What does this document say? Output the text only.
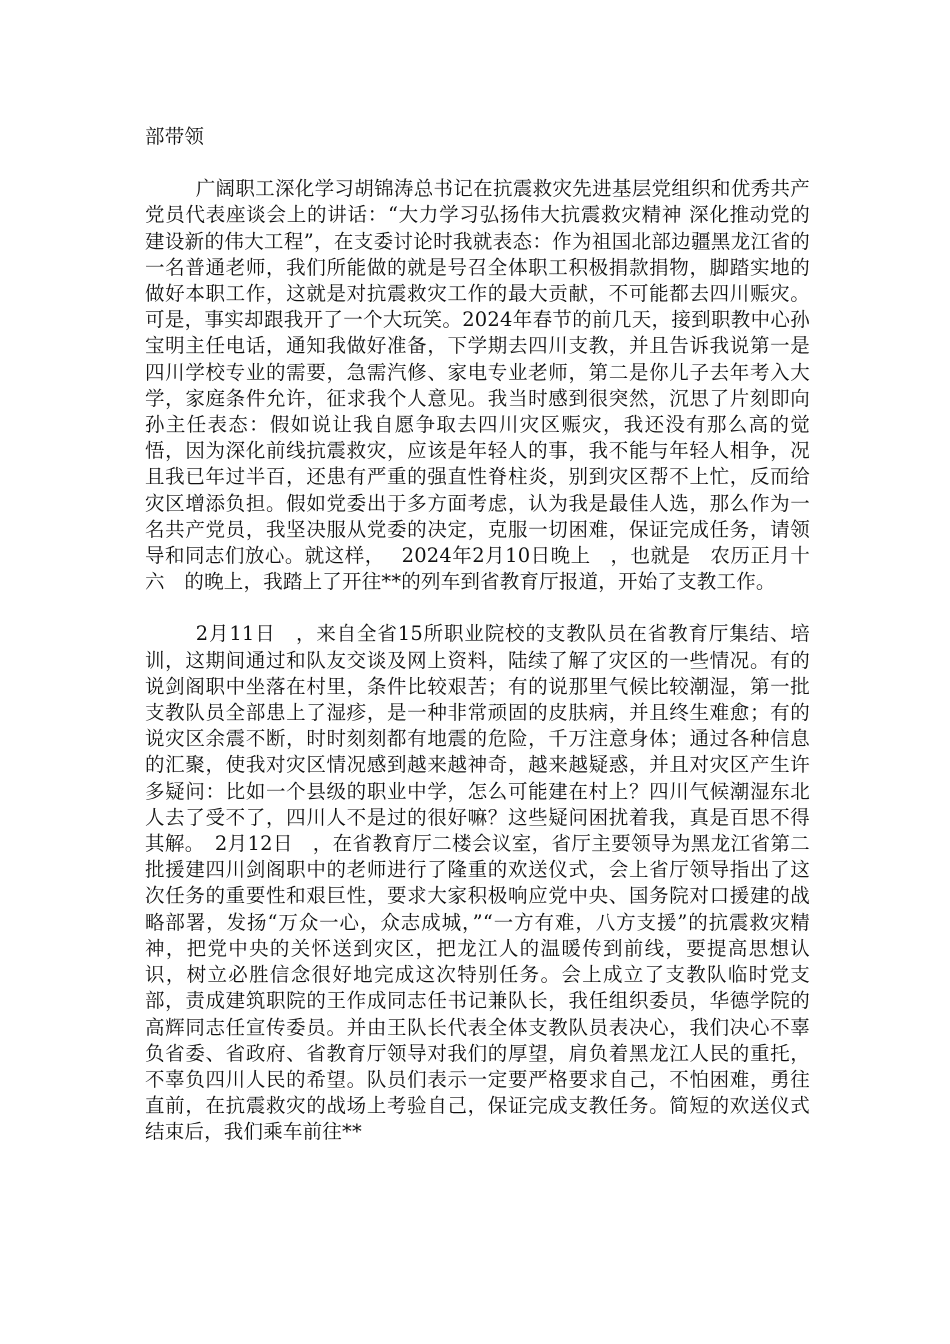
部带领

广阔职工深化学习胡锦涛总书记在抗震救灾先进基层党组织和优秀共产党员代表座谈会上的讲话：“大力学习弘扬伟大抗震救灾精神 深化推动党的建设新的伟大工程”，在支委讨论时我就表态：作为祖国北部边疆黑龙江省的一名普通老师，我们所能做的就是号召全体职工积极捐款捐物，脚踏实地的做好本职工作，这就是对抗震救灾工作的最大贡献，不可能都去四川赈灾。可是，事实却跟我开了一个大玩笑。2024年春节的前几天，接到职教中心孙宝明主任电话，通知我做好准备，下学期去四川支教，并且告诉我说第一是四川学校专业的需要，急需汽修、家电专业老师，第二是你儿子去年考入大学，家庭条件允许，征求我个人意见。我当时感到很突然，沉思了片刻即向孙主任表态：假如说让我自愿争取去四川灾区赈灾，我还没有那么高的觉悟，因为深化前线抗震救灾，应该是年轻人的事，我不能与年轻人相争，况且我已年过半百，还患有严重的强直性脊柱炎，别到灾区帮不上忙，反而给灾区增添负担。假如党委出于多方面考虑，认为我是最佳人选，那么作为一名共产党员，我坚决服从党委的决定，克服一切困难，保证完成任务，请领导和同志们放心。就这样，　 2024年2月10日晚上　，也就是　农历正月十六　的晚上，我踏上了开往**的列车到省教育厅报道，开始了支教工作。

2月11日　，来自全省15所职业院校的支教队员在省教育厅集结、培训，这期间通过和队友交谈及网上资料，陆续了解了灾区的一些情况。有的说剑阁职中坐落在村里，条件比较艰苦；有的说那里气候比较潮湿，第一批支教队员全部患上了湿疹，是一种非常顽固的皮肤病，并且终生难愈；有的说灾区余震不断，时时刻刻都有地震的危险，千万注意身体；通过各种信息的汇聚，使我对灾区情况感到越来越神奇，越来越疑惑，并且对灾区产生许多疑问：比如一个县级的职业中学，怎么可能建在村上？四川气候潮湿东北人去了受不了，四川人不是过的很好嘛？这些疑问困扰着我，真是百思不得其解。　2月12日　，在省教育厅二楼会议室，省厅主要领导为黑龙江省第二批援建四川剑阁职中的老师进行了隆重的欢送仪式，会上省厅领导指出了这次任务的重要性和艰巨性，要求大家积极响应党中央、国务院对口援建的战略部署，发扬“万众一心，众志成城，”“一方有难，八方支援”的抗震救灾精神，把党中央的关怀送到灾区，把龙江人的温暖传到前线，要提高思想认识，树立必胜信念很好地完成这次特别任务。会上成立了支教队临时党支部，责成建筑职院的王作成同志任书记兼队长，我任组织委员，华德学院的高辉同志任宣传委员。并由王队长代表全体支教队员表决心，我们决心不辜负省委、省政府、省教育厅领导对我们的厚望，肩负着黑龙江人民的重托，不辜负四川人民的希望。队员们表示一定要严格要求自己，不怕困难，勇往直前，在抗震救灾的战场上考验自己，保证完成支教任务。简短的欢送仪式结束后，我们乘车前往**
